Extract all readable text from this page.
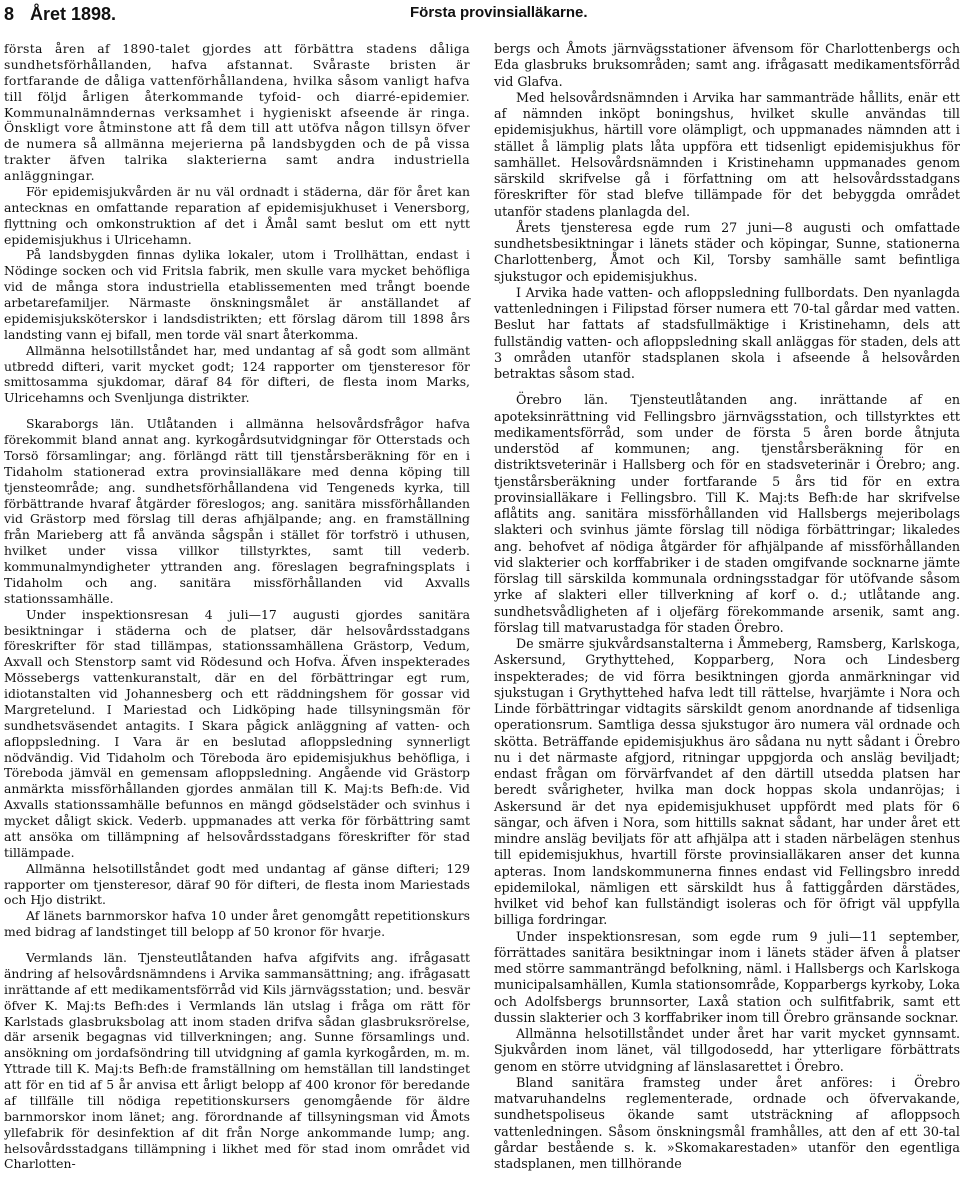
8 Året 1898.	Första provinsialläkarne.

första åren af 1890-talet gjordes att förbättra stadens dåliga sundhetsförhållanden, hafva afstannat. Svåraste bristen är fortfarande de dåliga vattenförhållandena, hvilka såsom vanligt hafva till följd årligen återkommande tyfoid- och diarré-epidemier. Kommunalnämndernas verksamhet i hygieniskt afseende är ringa. Önskligt vore åtminstone att få dem till att utöfva någon tillsyn öfver de numera så allmänna mejerierna på landsbygden och de på vissa trakter äfven talrika slakterierna samt andra industriella anläggningar.

För epidemisjukvården är nu väl ordnadt i städerna, där för året kan antecknas en omfattande reparation af epidemisjukhuset i Venersborg, flyttning och omkonstruktion af det i Åmål samt beslut om ett nytt epidemisjukhus i Ulricehamn.

På landsbygden finnas dylika lokaler, utom i Trollhättan, endast i Nödinge socken och vid Fritsla fabrik, men skulle vara mycket behöfliga vid de många stora industriella etablissementen med trångt boende arbetarefamiljer. Närmaste önskningsmålet är anställandet af epidemisjuksköterskor i landsdistrikten; ett förslag därom till 1898 års landsting vann ej bifall, men torde väl snart återkomma.

Allmänna helsotillståndet har, med undantag af så godt som allmänt utbredd difteri, varit mycket godt; 124 rapporter om tjensteresor för smittosamma sjukdomar, däraf 84 för difteri, de flesta inom Marks, Ulricehamns och Svenljunga distrikter.

Skaraborgs län. Utlåtanden i allmänna helsovårdsfrågor hafva förekommit bland annat ang. kyrkogårdsutvidgningar för Otterstads och Torsö församlingar; ang. förlängd rätt till tjenstårsberäkning för en i Tidaholm stationerad extra provinsialläkare med denna köping till tjensteområde; ang. sundhetsförhållandena vid Tengeneds kyrka, till förbättrande hvaraf åtgärder föreslogos; ang. sanitära missförhållanden vid Grästorp med förslag till deras afhjälpande; ang. en framställning från Marieberg att få använda sågspån i stället för torfströ i uthusen, hvilket under vissa villkor tillstyrktes, samt till vederb. kommunalmyndigheter yttranden ang. föreslagen begrafningsplats i Tidaholm och ang. sanitära missförhållanden vid Axvalls stationssamhälle.

Under inspektionsresan 4 juli—17 augusti gjordes sanitära besiktningar i städerna och de platser, där helsovårdsstadgans föreskrifter för stad tillämpas, stationssamhällena Grästorp, Vedum, Axvall och Stenstorp samt vid Rödesund och Hofva. Äfven inspekterades Mössebergs vattenkuranstalt, där en del förbättringar egt rum, idiotanstalten vid Johannesberg och ett räddningshem för gossar vid Margretelund. I Mariestad och Lidköping hade tillsyningsmän för sundhetsväsendet antagits. I Skara pågick anläggning af vatten- och afloppsledning. I Vara är en beslutad afloppsledning synnerligt nödvändig. Vid Tidaholm och Töreboda äro epidemisjukhus behöfliga, i Töreboda jämväl en gemensam afloppsledning. Angående vid Grästorp anmärkta missförhållanden gjordes anmälan till K. Maj:ts Befh:de. Vid Axvalls stationssamhälle befunnos en mängd gödselstäder och svinhus i mycket dåligt skick. Vederb. uppmanades att verka för förbättring samt att ansöka om tillämpning af helsovårdsstadgans föreskrifter för stad tillämpade.

Allmänna helsotillståndet godt med undantag af gänse difteri; 129 rapporter om tjensteresor, däraf 90 för difteri, de flesta inom Mariestads och Hjo distrikt.

Af länets barnmorskor hafva 10 under året genomgått repetitionskurs med bidrag af landstinget till belopp af 50 kronor för hvarje.

Vermlands län. Tjensteutlåtanden hafva afgifvits ang. ifrågasatt ändring af helsovårdsnämndens i Arvika sammansättning; ang. ifrågasatt inrättande af ett medikamentsförråd vid Kils järnvägsstation; und. besvär öfver K. Maj:ts Befh:des i Vermlands län utslag i fråga om rätt för Karlstads glasbruksbolag att inom staden drifva sådan glasbruksrörelse, där arsenik begagnas vid tillverkningen; ang. Sunne församlings und. ansökning om jordafsöndring till utvidgning af gamla kyrkogården, m. m. Yttrade till K. Maj:ts Befh:de framställning om hemställan till landstinget att för en tid af 5 år anvisa ett årligt belopp af 400 kronor för beredande af tillfälle till nödiga repetitionskursers genomgående för äldre barnmorskor inom länet; ang. förordnande af tillsyningsman vid Åmots yllefabrik för desinfektion af dit från Norge ankommande lump; ang. helsovårdsstadgans tillämpning i likhet med för stad inom området vid Charlotten-

bergs och Åmots järnvägsstationer äfvensom för Charlottenbergs och Eda glasbruks bruksområden; samt ang. ifrågasatt medikamentsförråd vid Glafva.

Med helsovårdsnämnden i Arvika har sammanträde hållits, enär ett af nämnden inköpt boningshus, hvilket skulle användas till epidemisjukhus, härtill vore olämpligt, och uppmanades nämnden att i stället å lämplig plats låta uppföra ett tidsenligt epidemisjukhus för samhället. Helsovårdsnämnden i Kristinehamn uppmanades genom särskild skrifvelse gå i författning om att helsovårdsstadgans föreskrifter för stad blefve tillämpade för det bebyggda området utanför stadens planlagda del.

Årets tjensteresa egde rum 27 juni—8 augusti och omfattade sundhetsbesiktningar i länets städer och köpingar, Sunne, stationerna Charlottenberg, Åmot och Kil, Torsby samhälle samt befintliga sjukstugor och epidemisjukhus.

I Arvika hade vatten- och afloppsledning fullbordats. Den nyanlagda vattenledningen i Filipstad förser numera ett 70-tal gårdar med vatten. Beslut har fattats af stadsfullmäktige i Kristinehamn, dels att fullständig vatten- och afloppsledning skall anläggas för staden, dels att 3 områden utanför stadsplanen skola i afseende å helsovården betraktas såsom stad.

Örebro län. Tjensteutlåtanden ang. inrättande af en apoteksinrättning vid Fellingsbro järnvägsstation, och tillstyrktes ett medikamentsförråd, som under de första 5 åren borde åtnjuta understöd af kommunen; ang. tjenstårsberäkning för en distriktsveterinär i Hallsberg och för en stadsveterinär i Örebro; ang. tjenstårsberäkning under fortfarande 5 års tid för en extra provinsialläkare i Fellingsbro. Till K. Maj:ts Befh:de har skrifvelse aflåtits ang. sanitära missförhållanden vid Hallsbergs mejeribolags slakteri och svinhus jämte förslag till nödiga förbättringar; likaledes ang. behofvet af nödiga åtgärder för afhjälpande af missförhållanden vid slakterier och korffabriker i de staden omgifvande socknarne jämte förslag till särskilda kommunala ordningsstadgar för utöfvande såsom yrke af slakteri eller tillverkning af korf o. d.; utlåtande ang. sundhetsvådligheten af i oljefärg förekommande arsenik, samt ang. förslag till matvarustadga för staden Örebro.

De smärre sjukvårdsanstalterna i Åmmeberg, Ramsberg, Karlskoga, Askersund, Grythyttehed, Kopparberg, Nora och Lindesberg inspekterades; de vid förra besiktningen gjorda anmärkningar vid sjukstugan i Grythyttehed hafva ledt till rättelse, hvarjämte i Nora och Linde förbättringar vidtagits särskildt genom anordnande af tidsenliga operationsrum. Samtliga dessa sjukstugor äro numera väl ordnade och skötta. Beträffande epidemisjukhus äro sådana nu nytt sådant i Örebro nu i det närmaste afgjord, ritningar uppgjorda och ansläg beviljadt; endast frågan om förvärfvandet af den därtill utsedda platsen har beredt svårigheter, hvilka man dock hoppas skola undanröjas; i Askersund är det nya epidemisjukhuset uppfördt med plats för 6 sängar, och äfven i Nora, som hittills saknat sådant, har under året ett mindre ansläg beviljats för att afhjälpa att i staden närbelägen stenhus till epidemisjukhus, hvartill förste provinsialläkaren anser det kunna apteras. Inom landskommunerna finnes endast vid Fellingsbro inredd epidemilokal, nämligen ett särskildt hus å fattiggården därstädes, hvilket vid behof kan fullständigt isoleras och för öfrigt väl uppfylla billiga fordringar.

Under inspektionsresan, som egde rum 9 juli—11 september, förrättades sanitära besiktningar inom i länets städer äfven å platser med större sammanträngd befolkning, näml. i Hallsbergs och Karlskoga municipalsamhällen, Kumla stationsområde, Kopparbergs kyrkoby, Loka och Adolfsbergs brunnsorter, Laxå station och sulfitfabrik, samt ett dussin slakterier och 3 korffabriker inom till Örebro gränsande socknar.

Allmänna helsotillståndet under året har varit mycket gynnsamt. Sjukvården inom länet, väl tillgodosedd, har ytterligare förbättrats genom en större utvidgning af länslasarettet i Örebro.

Bland sanitära framsteg under året anföres: i Örebro matvaruhandelns reglementerade, ordnade och öfvervakande, sundhetspoliseus ökande samt utsträckning af afloppsoch vattenledningen. Såsom önskningsmål framhålles, att den af ett 30-tal gårdar bestående s. k. »Skomakarestaden» utanför den egentliga stadsplanen, men tillhörande
